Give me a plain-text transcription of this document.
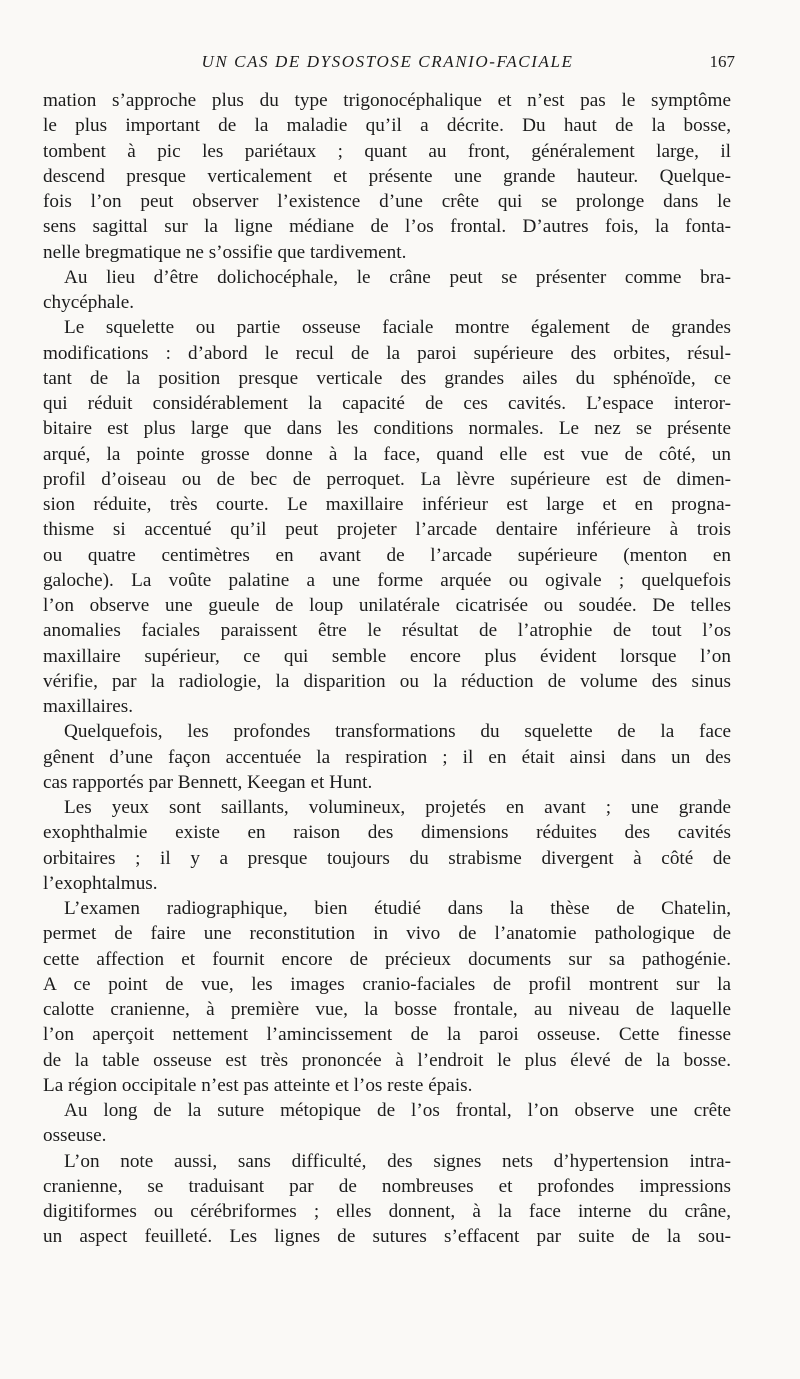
UN CAS DE DYSOSTOSE CRANIO-FACIALE	167
mation s’approche plus du type trigonocéphalique et n’est pas le symptôme
le plus important de la maladie qu’il a décrite. Du haut de la bosse,
tombent à pic les pariétaux ; quant au front, généralement large, il
descend presque verticalement et présente une grande hauteur. Quelque-
fois l’on peut observer l’existence d’une crête qui se prolonge dans le
sens sagittal sur la ligne médiane de l’os frontal. D’autres fois, la fonta-
nelle bregmatique ne s’ossifie que tardivement.
Au lieu d’être dolichocéphale, le crâne peut se présenter comme bra-
chycéphale.
Le squelette ou partie osseuse faciale montre également de grandes
modifications : d’abord le recul de la paroi supérieure des orbites, résul-
tant de la position presque verticale des grandes ailes du sphénoïde, ce
qui réduit considérablement la capacité de ces cavités. L’espace interor-
bitaire est plus large que dans les conditions normales. Le nez se présente
arqué, la pointe grosse donne à la face, quand elle est vue de côté, un
profil d’oiseau ou de bec de perroquet. La lèvre supérieure est de dimen-
sion réduite, très courte. Le maxillaire inférieur est large et en progna-
thisme si accentué qu’il peut projeter l’arcade dentaire inférieure à trois
ou quatre centimètres en avant de l’arcade supérieure (menton en
galoche). La voûte palatine a une forme arquée ou ogivale ; quelquefois
l’on observe une gueule de loup unilatérale cicatrisée ou soudée. De telles
anomalies faciales paraissent être le résultat de l’atrophie de tout l’os
maxillaire supérieur, ce qui semble encore plus évident lorsque l’on
vérifie, par la radiologie, la disparition ou la réduction de volume des sinus
maxillaires.
Quelquefois, les profondes transformations du squelette de la face
gênent d’une façon accentuée la respiration ; il en était ainsi dans un des
cas rapportés par Bennett, Keegan et Hunt.
Les yeux sont saillants, volumineux, projetés en avant ; une grande
exophthalmie existe en raison des dimensions réduites des cavités
orbitaires ; il y a presque toujours du strabisme divergent à côté de
l’exophtalmus.
L’examen radiographique, bien étudié dans la thèse de Chatelin,
permet de faire une reconstitution in vivo de l’anatomie pathologique de
cette affection et fournit encore de précieux documents sur sa pathogénie.
A ce point de vue, les images cranio-faciales de profil montrent sur la
calotte cranienne, à première vue, la bosse frontale, au niveau de laquelle
l’on aperçoit nettement l’amincissement de la paroi osseuse. Cette finesse
de la table osseuse est très prononcée à l’endroit le plus élevé de la bosse.
La région occipitale n’est pas atteinte et l’os reste épais.
Au long de la suture métopique de l’os frontal, l’on observe une crête
osseuse.
L’on note aussi, sans difficulté, des signes nets d’hypertension intra-
cranienne, se traduisant par de nombreuses et profondes impressions
digitiformes ou cérébriformes ; elles donnent, à la face interne du crâne,
un aspect feuilleté. Les lignes de sutures s’effacent par suite de la sou-
